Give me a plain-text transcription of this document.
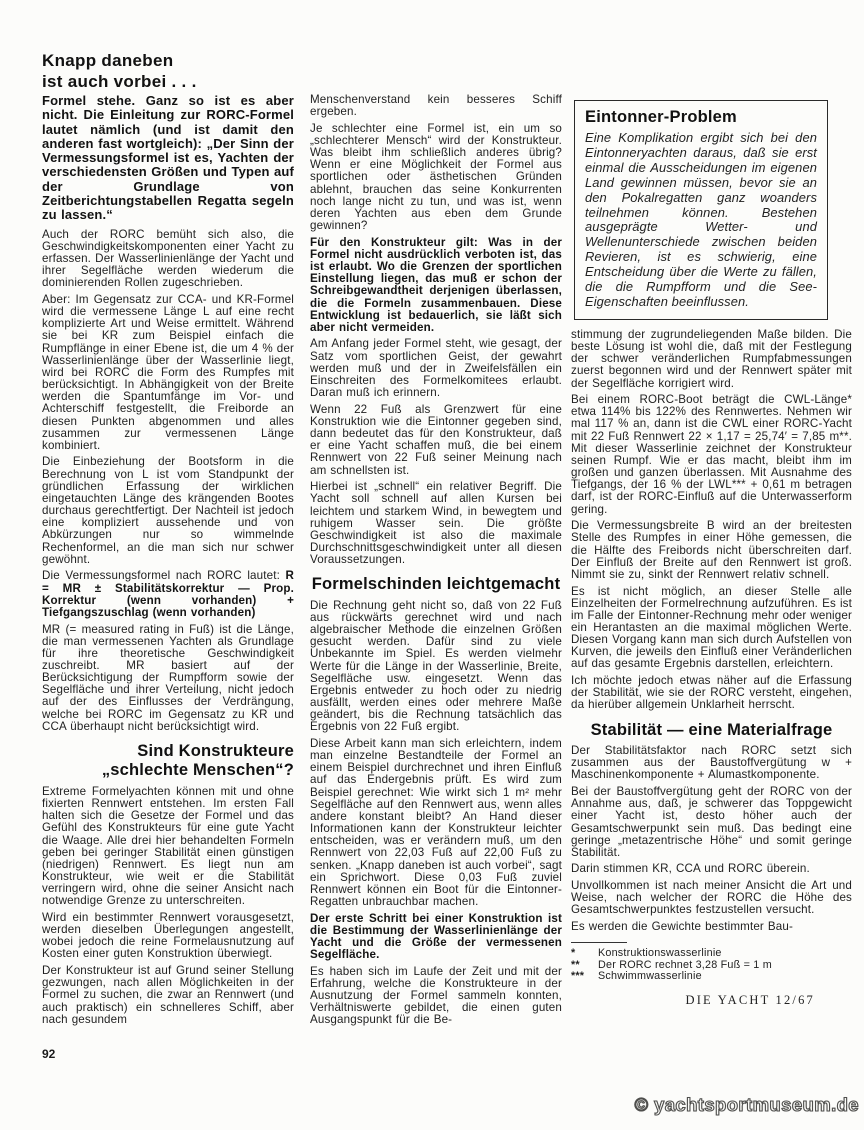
Knapp daneben
ist auch vorbei . . .

Formel stehe. Ganz so ist es aber nicht. Die Einleitung zur RORC-Formel lautet nämlich (und ist damit den anderen fast wortgleich): „Der Sinn der Vermessungsformel ist es, Yachten der verschiedensten Größen und Typen auf der Grundlage von Zeitberichtungstabellen Regatta segeln zu lassen.“

Auch der RORC bemüht sich also, die Geschwindigkeitskomponenten einer Yacht zu erfassen. Der Wasserlinienlänge der Yacht und ihrer Segelfläche werden wiederum die dominierenden Rollen zugeschrieben.

Aber: Im Gegensatz zur CCA- und KR-Formel wird die vermessene Länge L auf eine recht komplizierte Art und Weise ermittelt. Während sie bei KR zum Beispiel einfach die Rumpflänge in einer Ebene ist, die um 4 % der Wasserlinienlänge über der Wasserlinie liegt, wird bei RORC die Form des Rumpfes mit berücksichtigt. In Abhängigkeit von der Breite werden die Spantumfänge im Vor- und Achterschiff festgestellt, die Freiborde an diesen Punkten abgenommen und alles zusammen zur vermessenen Länge kombiniert.

Die Einbeziehung der Bootsform in die Berechnung von L ist vom Standpunkt der gründlichen Erfassung der wirklichen eingetauchten Länge des krängenden Bootes durchaus gerechtfertigt. Der Nachteil ist jedoch eine kompliziert aussehende und von Abkürzungen nur so wimmelnde Rechenformel, an die man sich nur schwer gewöhnt.

Die Vermessungsformel nach RORC lautet: R = MR ± Stabilitätskorrektur — Prop. Korrektur (wenn vorhanden) + Tiefgangszuschlag (wenn vorhanden)

MR (= measured rating in Fuß) ist die Länge, die man vermessenen Yachten als Grundlage für ihre theoretische Geschwindigkeit zuschreibt. MR basiert auf der Berücksichtigung der Rumpfform sowie der Segelfläche und ihrer Verteilung, nicht jedoch auf der des Einflusses der Verdrängung, welche bei RORC im Gegensatz zu KR und CCA überhaupt nicht berücksichtigt wird.

Sind Konstrukteure
„schlechte Menschen“?

Extreme Formelyachten können mit und ohne fixierten Rennwert entstehen. Im ersten Fall halten sich die Gesetze der Formel und das Gefühl des Konstrukteurs für eine gute Yacht die Waage. Alle drei hier behandelten Formeln geben bei geringer Stabilität einen günstigen (niedrigen) Rennwert. Es liegt nun am Konstrukteur, wie weit er die Stabilität verringern wird, ohne die seiner Ansicht nach notwendige Grenze zu unterschreiten.

Wird ein bestimmter Rennwert vorausgesetzt, werden dieselben Überlegungen angestellt, wobei jedoch die reine Formelausnutzung auf Kosten einer guten Konstruktion überwiegt.

Der Konstrukteur ist auf Grund seiner Stellung gezwungen, nach allen Möglichkeiten in der Formel zu suchen, die zwar an Rennwert (und auch praktisch) ein schnelleres Schiff, aber nach gesundem

Menschenverstand kein besseres Schiff ergeben.

Je schlechter eine Formel ist, ein um so „schlechterer Mensch“ wird der Konstrukteur. Was bleibt ihm schließlich anderes übrig? Wenn er eine Möglichkeit der Formel aus sportlichen oder ästhetischen Gründen ablehnt, brauchen das seine Konkurrenten noch lange nicht zu tun, und was ist, wenn deren Yachten aus eben dem Grunde gewinnen?

Für den Konstrukteur gilt: Was in der Formel nicht ausdrücklich verboten ist, das ist erlaubt. Wo die Grenzen der sportlichen Einstellung liegen, das muß er schon der Schreibgewandtheit derjenigen überlassen, die die Formeln zusammenbauen. Diese Entwicklung ist bedauerlich, sie läßt sich aber nicht vermeiden.

Am Anfang jeder Formel steht, wie gesagt, der Satz vom sportlichen Geist, der gewahrt werden muß und der in Zweifelsfällen ein Einschreiten des Formelkomitees erlaubt. Daran muß ich erinnern.

Wenn 22 Fuß als Grenzwert für eine Konstruktion wie die Eintonner gegeben sind, dann bedeutet das für den Konstrukteur, daß er eine Yacht schaffen muß, die bei einem Rennwert von 22 Fuß seiner Meinung nach am schnellsten ist.

Hierbei ist „schnell“ ein relativer Begriff. Die Yacht soll schnell auf allen Kursen bei leichtem und starkem Wind, in bewegtem und ruhigem Wasser sein. Die größte Geschwindigkeit ist also die maximale Durchschnittsgeschwindigkeit unter all diesen Voraussetzungen.

Formelschinden leichtgemacht

Die Rechnung geht nicht so, daß von 22 Fuß aus rückwärts gerechnet wird und nach algebraischer Methode die einzelnen Größen gesucht werden. Dafür sind zu viele Unbekannte im Spiel. Es werden vielmehr Werte für die Länge in der Wasserlinie, Breite, Segelfläche usw. eingesetzt. Wenn das Ergebnis entweder zu hoch oder zu niedrig ausfällt, werden eines oder mehrere Maße geändert, bis die Rechnung tatsächlich das Ergebnis von 22 Fuß ergibt.

Diese Arbeit kann man sich erleichtern, indem man einzelne Bestandteile der Formel an einem Beispiel durchrechnet und ihren Einfluß auf das Endergebnis prüft. Es wird zum Beispiel gerechnet: Wie wirkt sich 1 m² mehr Segelfläche auf den Rennwert aus, wenn alles andere konstant bleibt? An Hand dieser Informationen kann der Konstrukteur leichter entscheiden, was er verändern muß, um den Rennwert von 22,03 Fuß auf 22,00 Fuß zu senken. „Knapp daneben ist auch vorbei“, sagt ein Sprichwort. Diese 0,03 Fuß zuviel Rennwert können ein Boot für die Eintonner-Regatten unbrauchbar machen.

Der erste Schritt bei einer Konstruktion ist die Bestimmung der Wasserlinienlänge der Yacht und die Größe der vermessenen Segelfläche.

Es haben sich im Laufe der Zeit und mit der Erfahrung, welche die Konstrukteure in der Ausnutzung der Formel sammeln konnten, Verhältniswerte gebildet, die einen guten Ausgangspunkt für die Be-

Eintonner-Problem

Eine Komplikation ergibt sich bei den Eintonneryachten daraus, daß sie erst einmal die Ausscheidungen im eigenen Land gewinnen müssen, bevor sie an den Pokalregatten ganz woanders teilnehmen können. Bestehen ausgeprägte Wetter- und Wellenunterschiede zwischen beiden Revieren, ist es schwierig, eine Entscheidung über die Werte zu fällen, die die Rumpfform und die See-Eigenschaften beeinflussen.

stimmung der zugrundeliegenden Maße bilden. Die beste Lösung ist wohl die, daß mit der Festlegung der schwer veränderlichen Rumpfabmessungen zuerst begonnen wird und der Rennwert später mit der Segelfläche korrigiert wird.

Bei einem RORC-Boot beträgt die CWL-Länge* etwa 114% bis 122% des Rennwertes. Nehmen wir mal 117 % an, dann ist die CWL einer RORC-Yacht mit 22 Fuß Rennwert 22 × 1,17 = 25,74′ = 7,85 m**. Mit dieser Wasserlinie zeichnet der Konstrukteur seinen Rumpf. Wie er das macht, bleibt ihm im großen und ganzen überlassen. Mit Ausnahme des Tiefgangs, der 16 % der LWL*** + 0,61 m betragen darf, ist der RORC-Einfluß auf die Unterwasserform gering.

Die Vermessungsbreite B wird an der breitesten Stelle des Rumpfes in einer Höhe gemessen, die die Hälfte des Freibords nicht überschreiten darf. Der Einfluß der Breite auf den Rennwert ist groß. Nimmt sie zu, sinkt der Rennwert relativ schnell.

Es ist nicht möglich, an dieser Stelle alle Einzelheiten der Formelrechnung aufzuführen. Es ist im Falle der Eintonner-Rechnung mehr oder weniger ein Herantasten an die maximal möglichen Werte. Diesen Vorgang kann man sich durch Aufstellen von Kurven, die jeweils den Einfluß einer Veränderlichen auf das gesamte Ergebnis darstellen, erleichtern.

Ich möchte jedoch etwas näher auf die Erfassung der Stabilität, wie sie der RORC versteht, eingehen, da hierüber allgemein Unklarheit herrscht.

Stabilität — eine Materialfrage

Der Stabilitätsfaktor nach RORC setzt sich zusammen aus der Baustoffvergütung w + Maschinenkomponente + Alumastkomponente.

Bei der Baustoffvergütung geht der RORC von der Annahme aus, daß, je schwerer das Toppgewicht einer Yacht ist, desto höher auch der Gesamtschwerpunkt sein muß. Das bedingt eine geringe „metazentrische Höhe“ und somit geringe Stabilität.

Darin stimmen KR, CCA und RORC überein.

Unvollkommen ist nach meiner Ansicht die Art und Weise, nach welcher der RORC die Höhe des Gesamtschwerpunktes festzustellen versucht.

Es werden die Gewichte bestimmter Bau-

*	Konstruktionswasserlinie
**	Der RORC rechnet 3,28 Fuß = 1 m
***	Schwimmwasserlinie
DIE YACHT 12/67
92
© yachtsportmuseum.de
